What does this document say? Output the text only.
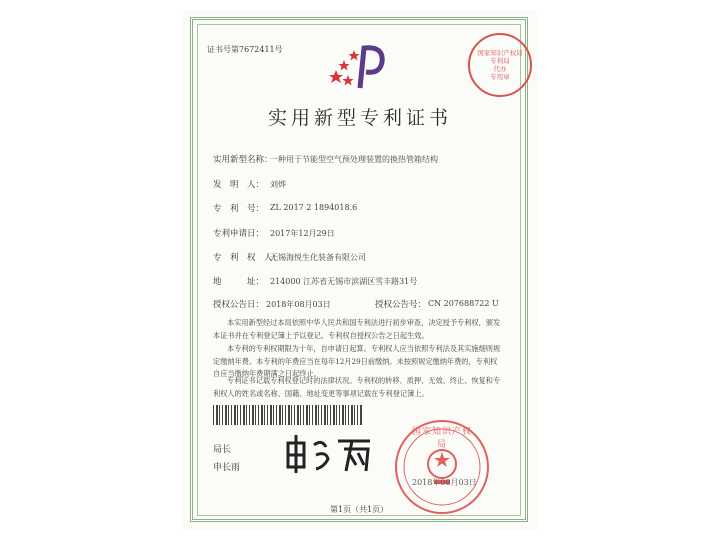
证书号第7672411号	国家知识产权局
专利局
代办
专用章
实用新型专利证书
实用新型名称：
一种用于节能型空气预处理装置的换热管箱结构
发　明　人： 刘烨
专　利　号： ZL 2017 2 1894018.6
专利申请日： 2017年12月29日
专　利　权　人：
无锡海悦生化装备有限公司
地　　　址： 214000 江苏省无锡市滨湖区雪丰路31号
授权公告日： 2018年08月03日	授权公告号： CN 207688722 U
本实用新型经过本局依照中华人民共和国专利法进行初步审查，决定授予专利权，颁发本证书并在专利登记簿上予以登记。专利权自授权公告之日起生效。
本专利的专利权期限为十年，自申请日起算。专利权人应当依照专利法及其实施细则规定缴纳年费。本专利的年费应当在每年12月29日前缴纳。未按照规定缴纳年费的，专利权自应当缴纳年费期满之日起终止。
专利证书记载专利权登记时的法律状况。专利权的转移、质押、无效、终止、恢复和专利权人的姓名或名称、国籍、地址变更等事项记载在专利登记簿上。
局长
申长雨
国家知识产权局
2018年08月03日
第1页（共1页）
